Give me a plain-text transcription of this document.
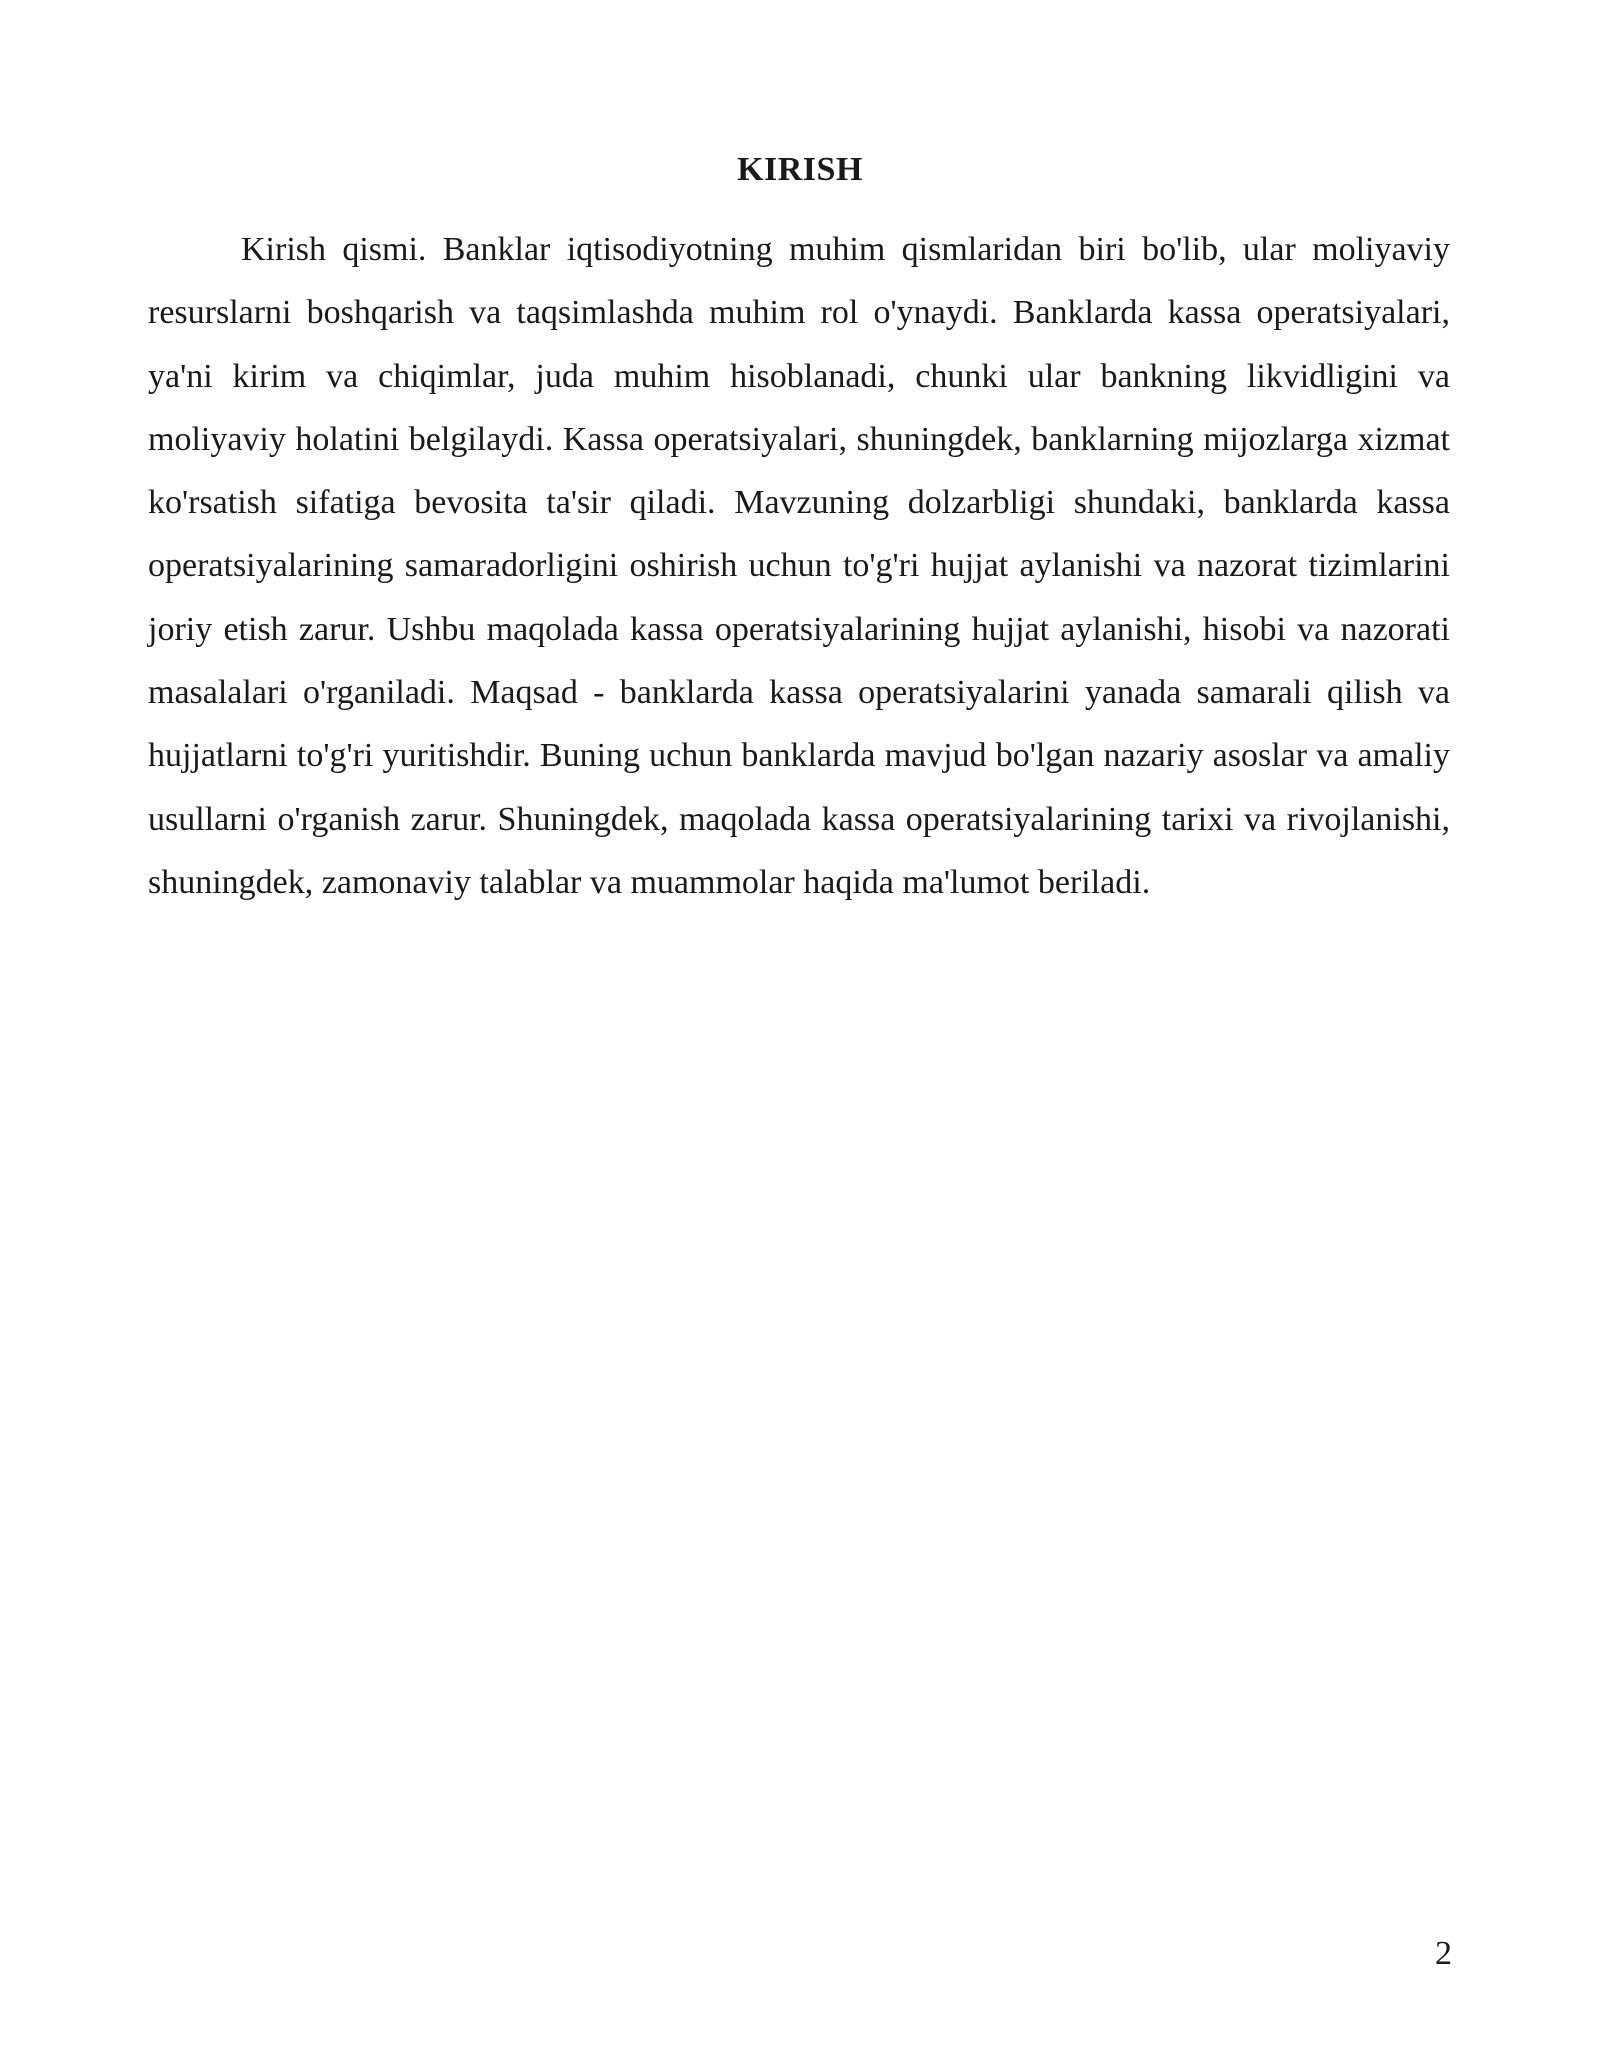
KIRISH

Kirish qismi. Banklar iqtisodiyotning muhim qismlaridan biri bo'lib, ular moliyaviy resurslarni boshqarish va taqsimlashda muhim rol o'ynaydi. Banklarda kassa operatsiyalari, ya'ni kirim va chiqimlar, juda muhim hisoblanadi, chunki ular bankning likvidligini va moliyaviy holatini belgilaydi. Kassa operatsiyalari, shuningdek, banklarning mijozlarga xizmat ko'rsatish sifatiga bevosita ta'sir qiladi. Mavzuning dolzarbligi shundaki, banklarda kassa operatsiyalarining samaradorligini oshirish uchun to'g'ri hujjat aylanishi va nazorat tizimlarini joriy etish zarur. Ushbu maqolada kassa operatsiyalarining hujjat aylanishi, hisobi va nazorati masalalari o'rganiladi. Maqsad - banklarda kassa operatsiyalarini yanada samarali qilish va hujjatlarni to'g'ri yuritishdir. Buning uchun banklarda mavjud bo'lgan nazariy asoslar va amaliy usullarni o'rganish zarur. Shuningdek, maqolada kassa operatsiyalarining tarixi va rivojlanishi, shuningdek, zamonaviy talablar va muammolar haqida ma'lumot beriladi.

2
